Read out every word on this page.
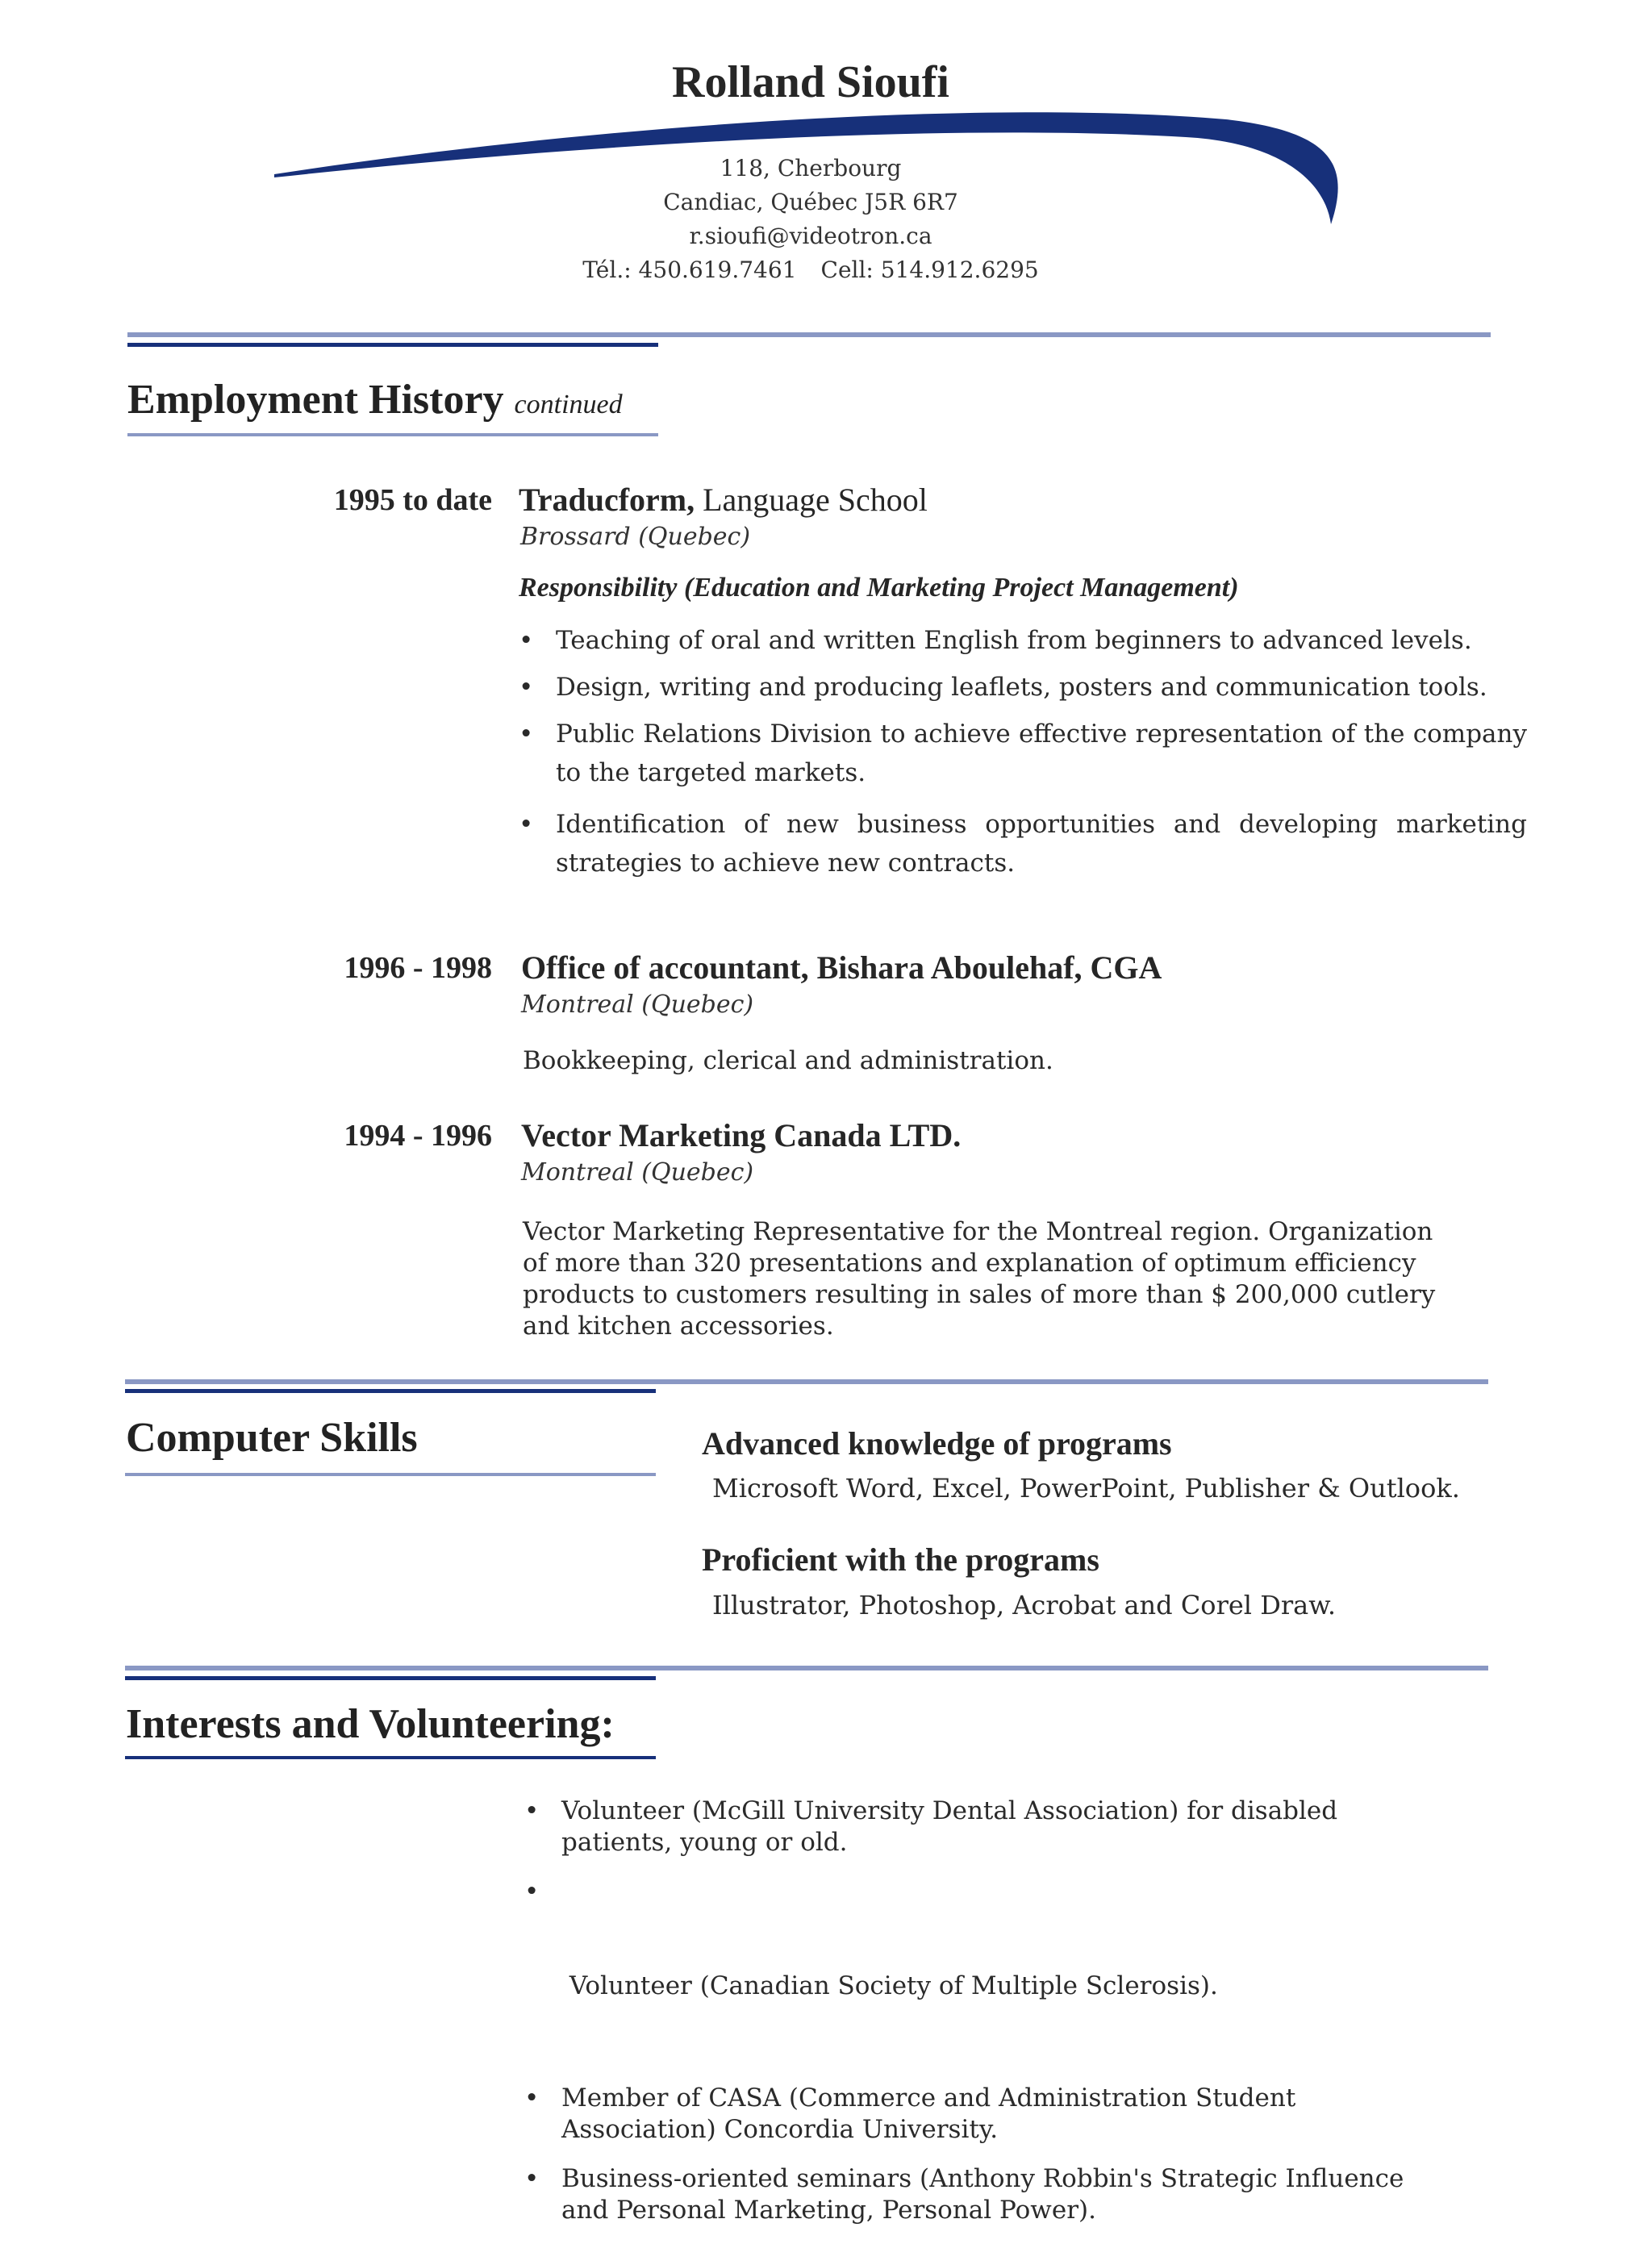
Rolland Sioufi
118, Cherbourg
Candiac, Québec J5R 6R7
r.sioufi@videotron.ca
Tél.: 450.619.7461 Cell: 514.912.6295
Employment History continued
1995 to date Traducform, Language School
Brossard (Quebec)
Responsibility (Education and Marketing Project Management)
• Teaching of oral and written English from beginners to advanced levels.
• Design, writing and producing leaflets, posters and communication tools.
• Public Relations Division to achieve effective representation of the company to the targeted markets.
• Identification of new business opportunities and developing marketing strategies to achieve new contracts.
1996 - 1998 Office of accountant, Bishara Aboulehaf, CGA
Montreal (Quebec)
Bookkeeping, clerical and administration.
1994 - 1996 Vector Marketing Canada LTD.
Montreal (Quebec)
Vector Marketing Representative for the Montreal region. Organization
of more than 320 presentations and explanation of optimum efficiency
products to customers resulting in sales of more than $ 200,000 cutlery
and kitchen accessories.
Computer Skills	Advanced knowledge of programs
Microsoft Word, Excel, PowerPoint, Publisher & Outlook.
Proficient with the programs
Illustrator, Photoshop, Acrobat and Corel Draw.
Interests and Volunteering:
• Volunteer (McGill University Dental Association) for disabled
patients, young or old.

•

Volunteer (Canadian Society of Multiple Sclerosis).

• Member of CASA (Commerce and Administration Student
Association) Concordia University.
• Business-oriented seminars (Anthony Robbin's Strategic Influence
and Personal Marketing, Personal Power).
